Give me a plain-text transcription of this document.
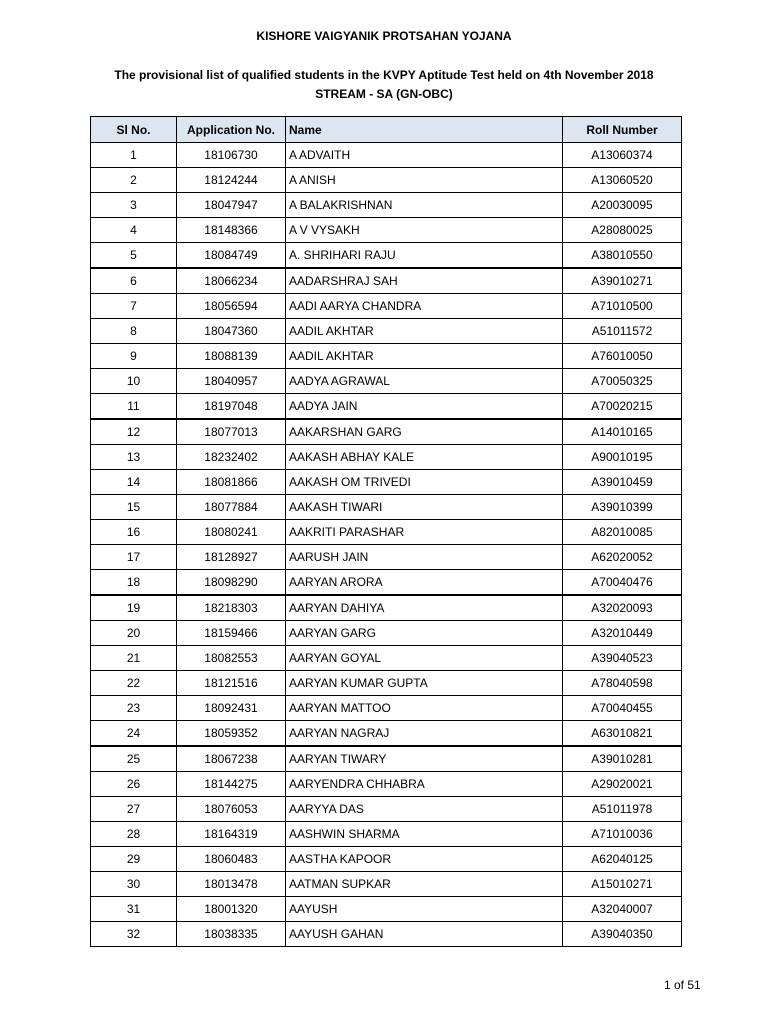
KISHORE VAIGYANIK PROTSAHAN YOJANA
The provisional list of qualified students in the KVPY Aptitude Test held on 4th November 2018
STREAM - SA (GN-OBC)
Sl No.	Application No.	Name	Roll Number
1	18106730	A ADVAITH	A13060374
2	18124244	A ANISH	A13060520
3	18047947	A BALAKRISHNAN	A20030095
4	18148366	A V VYSAKH	A28080025
5	18084749	A. SHRIHARI RAJU	A38010550
6	18066234	AADARSHRAJ SAH	A39010271
7	18056594	AADI AARYA CHANDRA	A71010500
8	18047360	AADIL AKHTAR	A51011572
9	18088139	AADIL AKHTAR	A76010050
10	18040957	AADYA AGRAWAL	A70050325
11	18197048	AADYA JAIN	A70020215
12	18077013	AAKARSHAN GARG	A14010165
13	18232402	AAKASH ABHAY KALE	A90010195
14	18081866	AAKASH OM TRIVEDI	A39010459
15	18077884	AAKASH TIWARI	A39010399
16	18080241	AAKRITI PARASHAR	A82010085
17	18128927	AARUSH JAIN	A62020052
18	18098290	AARYAN ARORA	A70040476
19	18218303	AARYAN DAHIYA	A32020093
20	18159466	AARYAN GARG	A32010449
21	18082553	AARYAN GOYAL	A39040523
22	18121516	AARYAN KUMAR GUPTA	A78040598
23	18092431	AARYAN MATTOO	A70040455
24	18059352	AARYAN NAGRAJ	A63010821
25	18067238	AARYAN TIWARY	A39010281
26	18144275	AARYENDRA CHHABRA	A29020021
27	18076053	AARYYA DAS	A51011978
28	18164319	AASHWIN SHARMA	A71010036
29	18060483	AASTHA KAPOOR	A62040125
30	18013478	AATMAN SUPKAR	A15010271
31	18001320	AAYUSH	A32040007
32	18038335	AAYUSH GAHAN	A39040350
1 of 51
